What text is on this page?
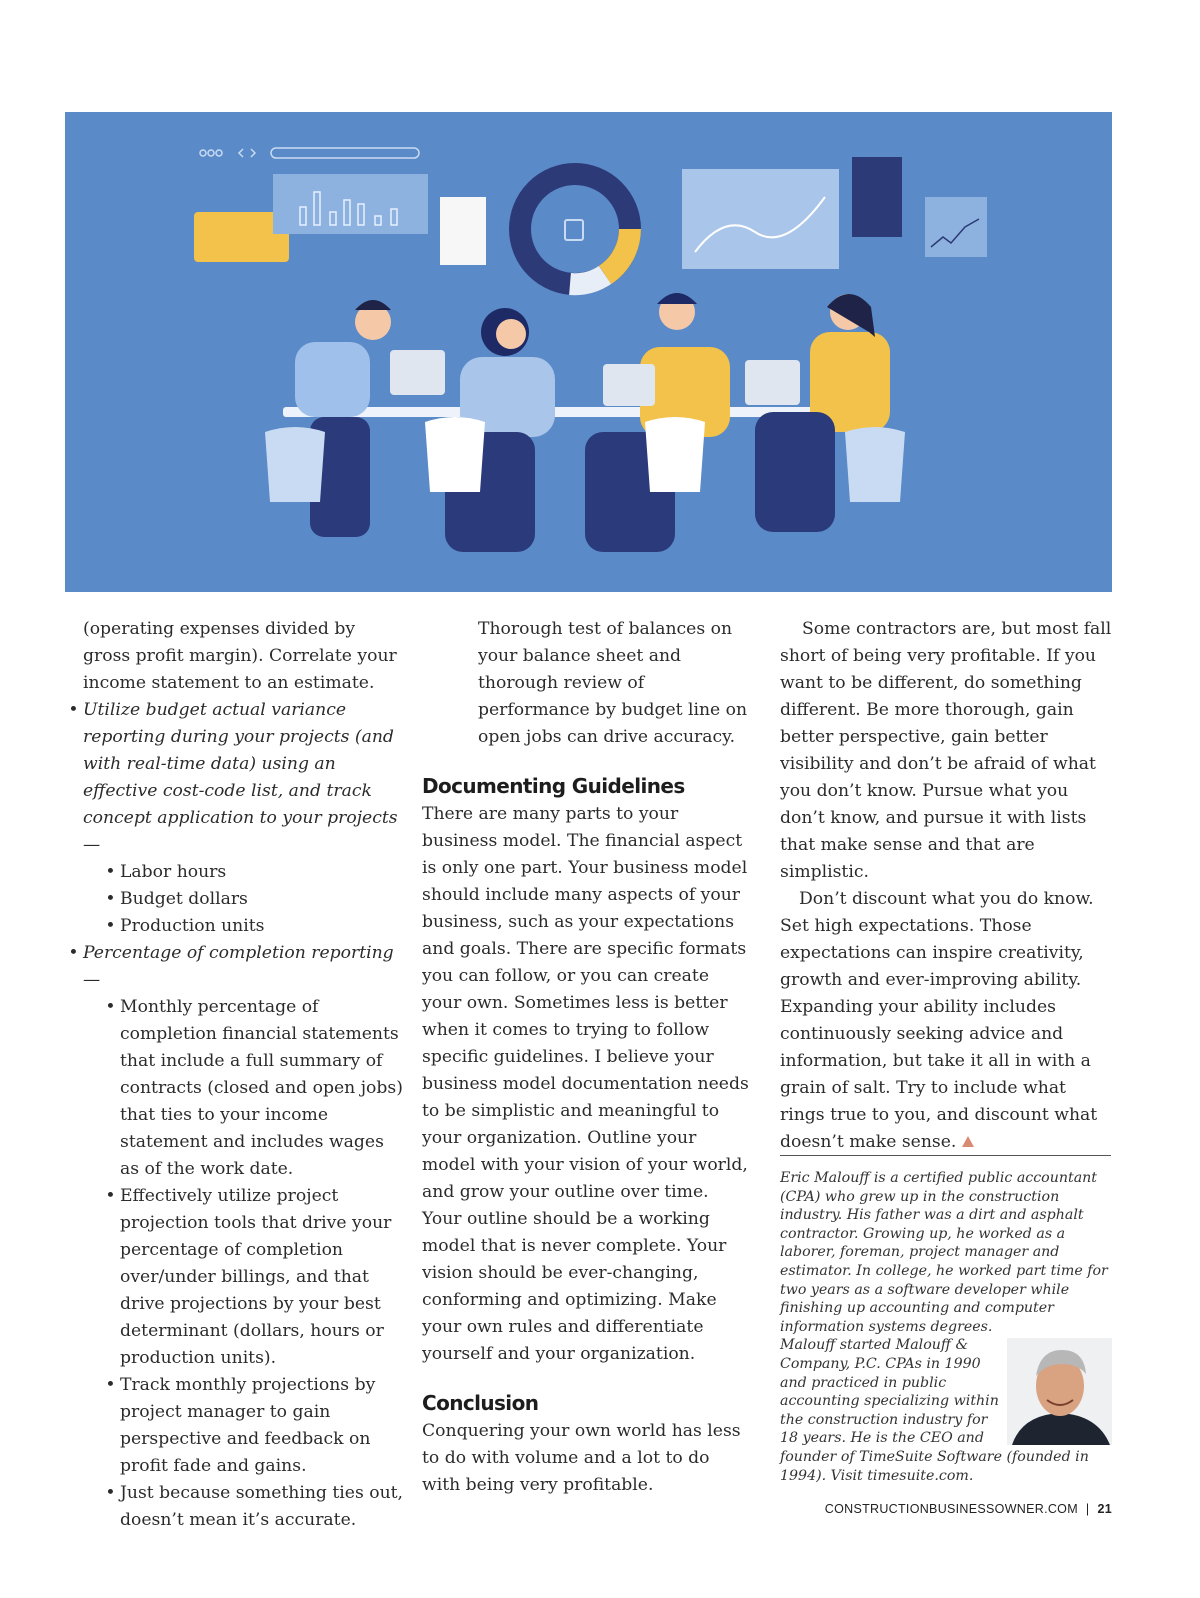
(operating expenses divided by gross profit margin). Correlate your income statement to an estimate.

• Utilize budget actual variance reporting during your projects (and with real-time data) using an effective cost-code list, and track concept application to your projects —
• Labor hours
• Budget dollars
• Production units
• Percentage of completion reporting —
• Monthly percentage of completion financial statements that include a full summary of contracts (closed and open jobs) that ties to your income statement and includes wages as of the work date.
• Effectively utilize project projection tools that drive your percentage of completion over/under billings, and that drive projections by your best determinant (dollars, hours or production units).
• Track monthly projections by project manager to gain perspective and feedback on profit fade and gains.
• Just because something ties out, doesn’t mean it’s accurate.

Thorough test of balances on your balance sheet and thorough review of performance by budget line on open jobs can drive accuracy.

Documenting Guidelines

There are many parts to your business model. The financial aspect is only one part. Your business model should include many aspects of your business, such as your expectations and goals. There are specific formats you can follow, or you can create your own. Sometimes less is better when it comes to trying to follow specific guidelines. I believe your business model documentation needs to be simplistic and meaningful to your organization. Outline your model with your vision of your world, and grow your outline over time. Your outline should be a working model that is never complete. Your vision should be ever-changing, conforming and optimizing. Make your own rules and differentiate yourself and your organization.

Conclusion

Conquering your own world has less to do with volume and a lot to do with being very profitable.

Some contractors are, but most fall short of being very profitable. If you want to be different, do something different. Be more thorough, gain better perspective, gain better visibility and don’t be afraid of what you don’t know. Pursue what you don’t know, and pursue it with lists that make sense and that are simplistic.

Don’t discount what you do know. Set high expectations. Those expectations can inspire creativity, growth and ever-improving ability. Expanding your ability includes continuously seeking advice and information, but take it all in with a grain of salt. Try to include what rings true to you, and discount what doesn’t make sense.

Eric Malouff is a certified public accountant (CPA) who grew up in the construction industry. His father was a dirt and asphalt contractor. Growing up, he worked as a laborer, foreman, project manager and estimator. In college, he worked part time for two years as a software developer while finishing up accounting and computer information systems degrees. Malouff started Malouff & Company, P.C. CPAs in 1990 and practiced in public accounting specializing within the construction industry for 18 years. He is the CEO and founder of TimeSuite Software (founded in 1994). Visit timesuite.com.
CONSTRUCTIONBUSINESSOWNER.COM | 21
